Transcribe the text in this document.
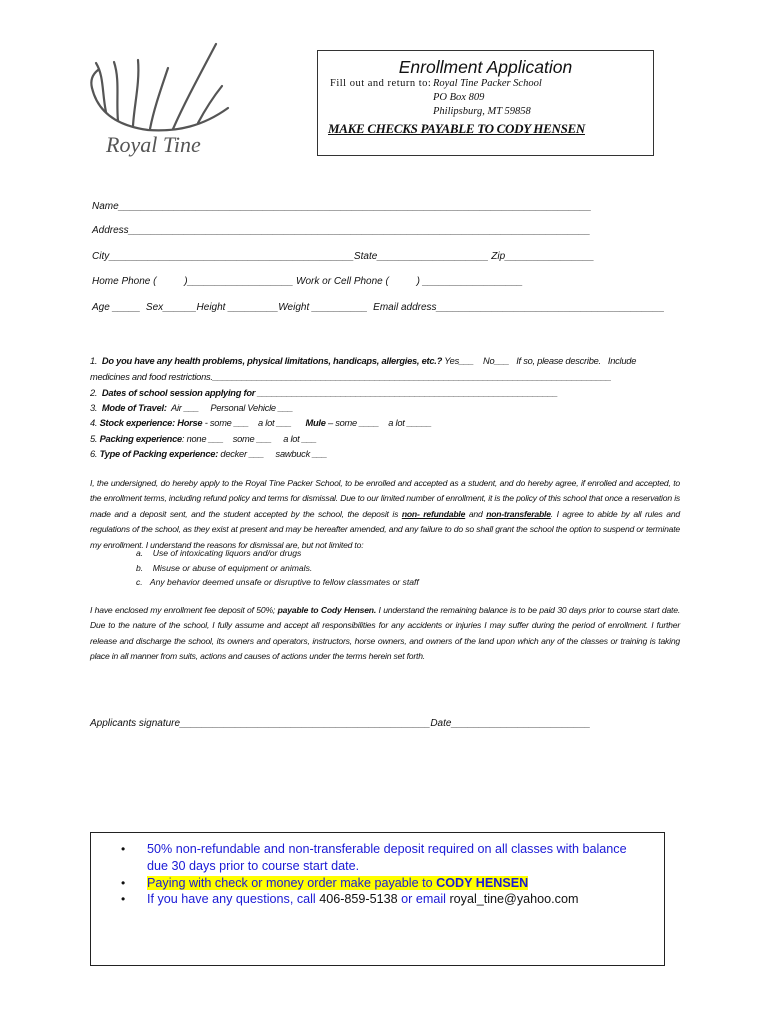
Royal Tine
Enrollment Application
Fill out and return to: Royal Tine Packer School
PO Box 809
Philipsburg, MT 59858
MAKE CHECKS PAYABLE TO CODY HENSEN
Name_____________________________________________________________________________________
Address___________________________________________________________________________________
City____________________________________________State____________________ Zip________________
Home Phone (          )___________________ Work or Cell Phone (          ) __________________
Age _____  Sex______Height _________Weight __________  Email address_________________________________________
1.  Do you have any health problems, physical limitations, handicaps, allergies, etc.? Yes___    No___   If so, please describe.   Include
medicines and food restrictions._________________________________________________________________________________
2.  Dates of school session applying for _____________________________________________________________
3.  Mode of Travel:  Air ___     Personal Vehicle ___
4. Stock experience: Horse - some ___    a lot ___      Mule – some ____    a lot _____
5. Packing experience: none ___    some ___     a lot ___
6. Type of Packing experience: decker ___     sawbuck ___
I, the undersigned, do hereby apply to the Royal Tine Packer School, to be enrolled and accepted as a student, and do hereby agree, if enrolled and accepted, to the enrollment terms, including refund policy and terms for dismissal. Due to our limited number of enrollment, it is the policy of this school that once a reservation is made and a deposit sent, and the student accepted by the school, the deposit is non- refundable and non-transferable. I agree to abide by all rules and regulations of the school, as they exist at present and may be hereafter amended, and any failure to do so shall grant the school the option to suspend or terminate my enrollment. I understand the reasons for dismissal are, but not limited to:
a. Use of intoxicating liquors and/or drugs
b. Misuse or abuse of equipment or animals.
c. Any behavior deemed unsafe or disruptive to fellow classmates or staff
I have enclosed my enrollment fee deposit of 50%; payable to Cody Hensen. I understand the remaining balance is to be paid 30 days prior to course start date. Due to the nature of the school, I fully assume and accept all responsibilities for any accidents or injuries I may suffer during the period of enrollment. I further release and discharge the school, its owners and operators, instructors, horse owners, and owners of the land upon which any of the classes or training is taking place in all manner from suits, actions and causes of actions under the terms herein set forth.
Applicants signature_____________________________________________Date_________________________
• 50% non-refundable and non-transferable deposit required on all classes with balance due 30 days prior to course start date.
• Paying with check or money order make payable to CODY HENSEN
• If you have any questions, call 406-859-5138 or email royal_tine@yahoo.com
